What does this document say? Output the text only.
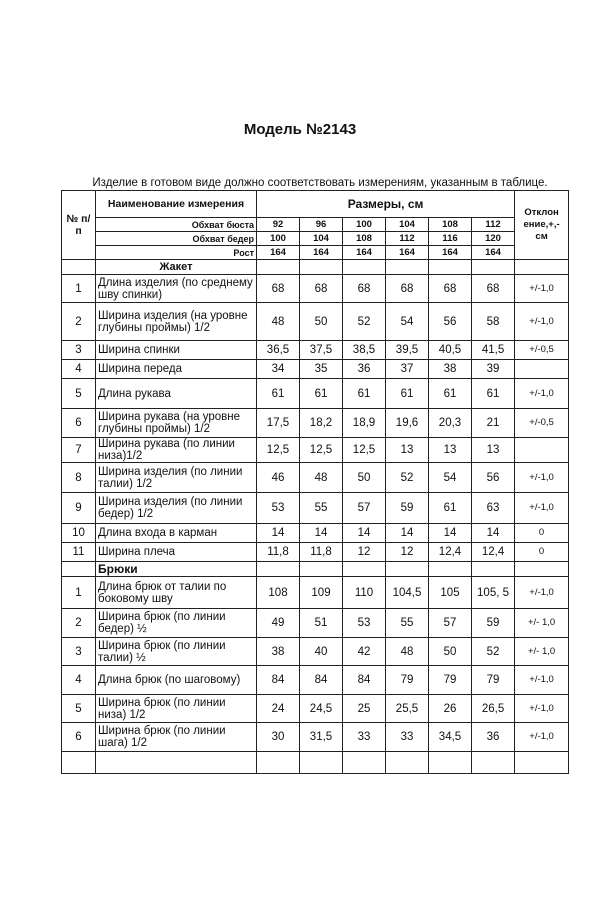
Модель №2143
Изделие в готовом виде должно соответствовать измерениям, указанным в таблице.
№ п/п	Наименование измерения	Размеры, см						Отклон ение,+,- см
	Обхват бюста	92	96	100	104	108	112	
	Обхват бедер	100	104	108	112	116	120	
	Рост	164	164	164	164	164	164	
	Жакет							
1	Длина изделия (по среднему шву спинки)	68	68	68	68	68	68	+/-1,0
2	Ширина изделия (на уровне глубины проймы) 1/2	48	50	52	54	56	58	+/-1,0
3	Ширина спинки	36,5	37,5	38,5	39,5	40,5	41,5	+/-0,5
4	Ширина переда	34	35	36	37	38	39	
5	Длина рукава	61	61	61	61	61	61	+/-1,0
6	Ширина рукава (на уровне глубины проймы) 1/2	17,5	18,2	18,9	19,6	20,3	21	+/-0,5
7	Ширина рукава (по линии низа)1/2	12,5	12,5	12,5	13	13	13	
8	Ширина изделия (по линии талии) 1/2	46	48	50	52	54	56	+/-1,0
9	Ширина изделия (по линии бедер) 1/2	53	55	57	59	61	63	+/-1,0
10	Длина входа в карман	14	14	14	14	14	14	0
11	Ширина плеча	11,8	11,8	12	12	12,4	12,4	0
	Брюки							
1	Длина брюк от талии по боковому шву	108	109	110	104,5	105	105, 5	+/-1,0
2	Ширина брюк (по линии бедер) ½	49	51	53	55	57	59	+/- 1,0
3	Ширина брюк (по линии талии) ½	38	40	42	48	50	52	+/- 1,0
4	Длина брюк (по шаговому)	84	84	84	79	79	79	+/-1,0
5	Ширина брюк (по линии низа) 1/2	24	24,5	25	25,5	26	26,5	+/-1,0
6	Ширина брюк (по линии шага) 1/2	30	31,5	33	33	34,5	36	+/-1,0
